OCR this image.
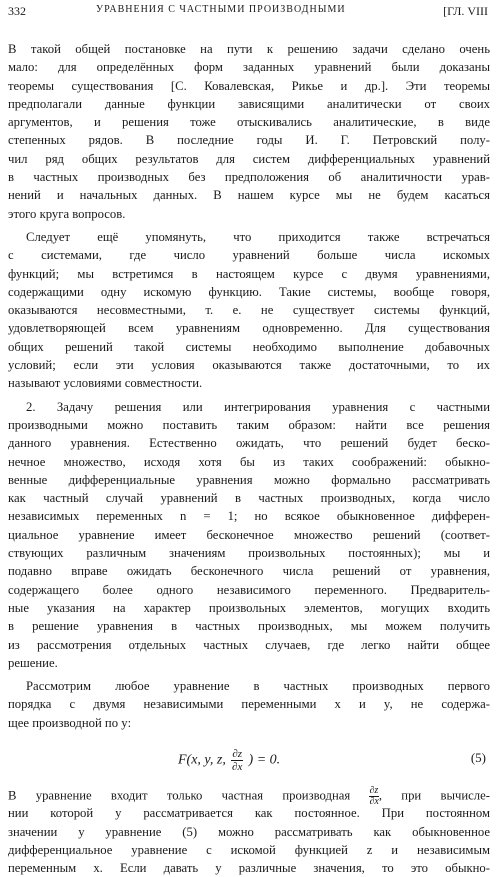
332	УРАВНЕНИЯ С ЧАСТНЫМИ ПРОИЗВОДНЫМИ	[ГЛ. VIII
В такой общей постановке на пути к решению задачи сделано очень
мало: для определённых форм заданных уравнений были доказаны
теоремы существования [С. Ковалевская, Рикье и др.]. Эти теоремы
предполагали данные функции зависящими аналитически от своих
аргументов, и решения тоже отыскивались аналитические, в виде
степенных рядов. В последние годы И. Г. Петровский полу-
чил ряд общих результатов для систем дифференциальных уравнений
в частных производных без предположения об аналитичности урав-
нений и начальных данных. В нашем курсе мы не будем касаться
этого круга вопросов.
Следует ещё упомянуть, что приходится также встречаться
с системами, где число уравнений больше числа искомых
функций; мы встретимся в настоящем курсе с двумя уравнениями,
содержащими одну искомую функцию. Такие системы, вообще говоря,
оказываются несовместными, т. е. не существует системы функций,
удовлетворяющей всем уравнениям одновременно. Для существования
общих решений такой системы необходимо выполнение добавочных
условий; если эти условия оказываются также достаточными, то их
называют условиями совместности.
2. Задачу решения или интегрирования уравнения с частными
производными можно поставить таким образом: найти все решения
данного уравнения. Естественно ожидать, что решений будет беско-
нечное множество, исходя хотя бы из таких соображений: обыкно-
венные дифференциальные уравнения можно формально рассматривать
как частный случай уравнений в частных производных, когда число
независимых переменных n = 1; но всякое обыкновенное дифферен-
циальное уравнение имеет бесконечное множество решений (соответ-
ствующих различным значениям произвольных постоянных); мы и
подавно вправе ожидать бесконечного числа решений от уравнения,
содержащего более одного независимого переменного. Предваритель-
ные указания на характер произвольных элементов, могущих входить
в решение уравнения в частных производных, мы можем получить
из рассмотрения отдельных частных случаев, где легко найти общее
решение.
Рассмотрим любое уравнение в частных производных первого
порядка с двумя независимыми переменными x и y, не содержа-
щее производной по y:
F(x, y, z, $\frac{\partial z}{\partial x}$ ) = 0.	(5)
В уравнение входит только частная производная $\frac{\partial z}{\partial x}$, при вычисле-
нии которой y рассматривается как постоянное. При постоянном
значении y уравнение (5) можно рассматривать как обыкновенное
дифференциальное уравнение с искомой функцией z и независимым
переменным x. Если давать y различные значения, то это обыкно-
